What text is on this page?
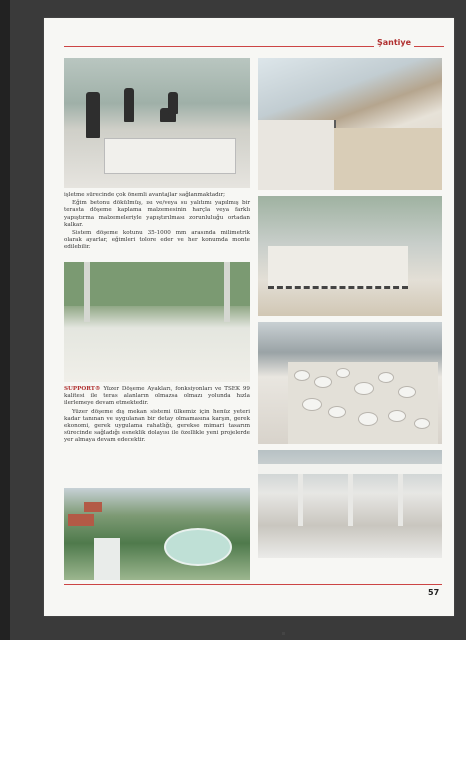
Şantiye

işletme sürecinde çok önemli avantajlar sağlanmaktadır;

Eğim betonu döküImüş, ısı ve/veya su yalıtımı yapılmış bir terasta döşeme kaplama malzemesinin harçla veya farklı yapıştırma malzemeleriyle yapıştırılması zorunluluğu ortadan kalkar.

Sistem döşeme kotunu 35-1000 mm arasında milimetrik olarak ayarlar, eğimleri tolore eder ve her konumda monte edilebilir.

SUPPORT® Yüzer Döşeme Ayakları, fonksiyonları ve TSEK 99 kalitesi ile teras alanların olmazsa olmazı yolunda hızla ilerlemeye devam etmektedir.

Yüzer döşeme dış mekan sistemi ülkemiz için henüz yeteri kadar tanınan ve uygulanan bir detay olmamasına karşın, gerek ekonomi, gerek uygulama rahatlığı, gerekse mimari tasarım sürecinde sağladığı esneklik dolayısı ile özellikle yeni projelerde yer almaya devam edecektir.

57
